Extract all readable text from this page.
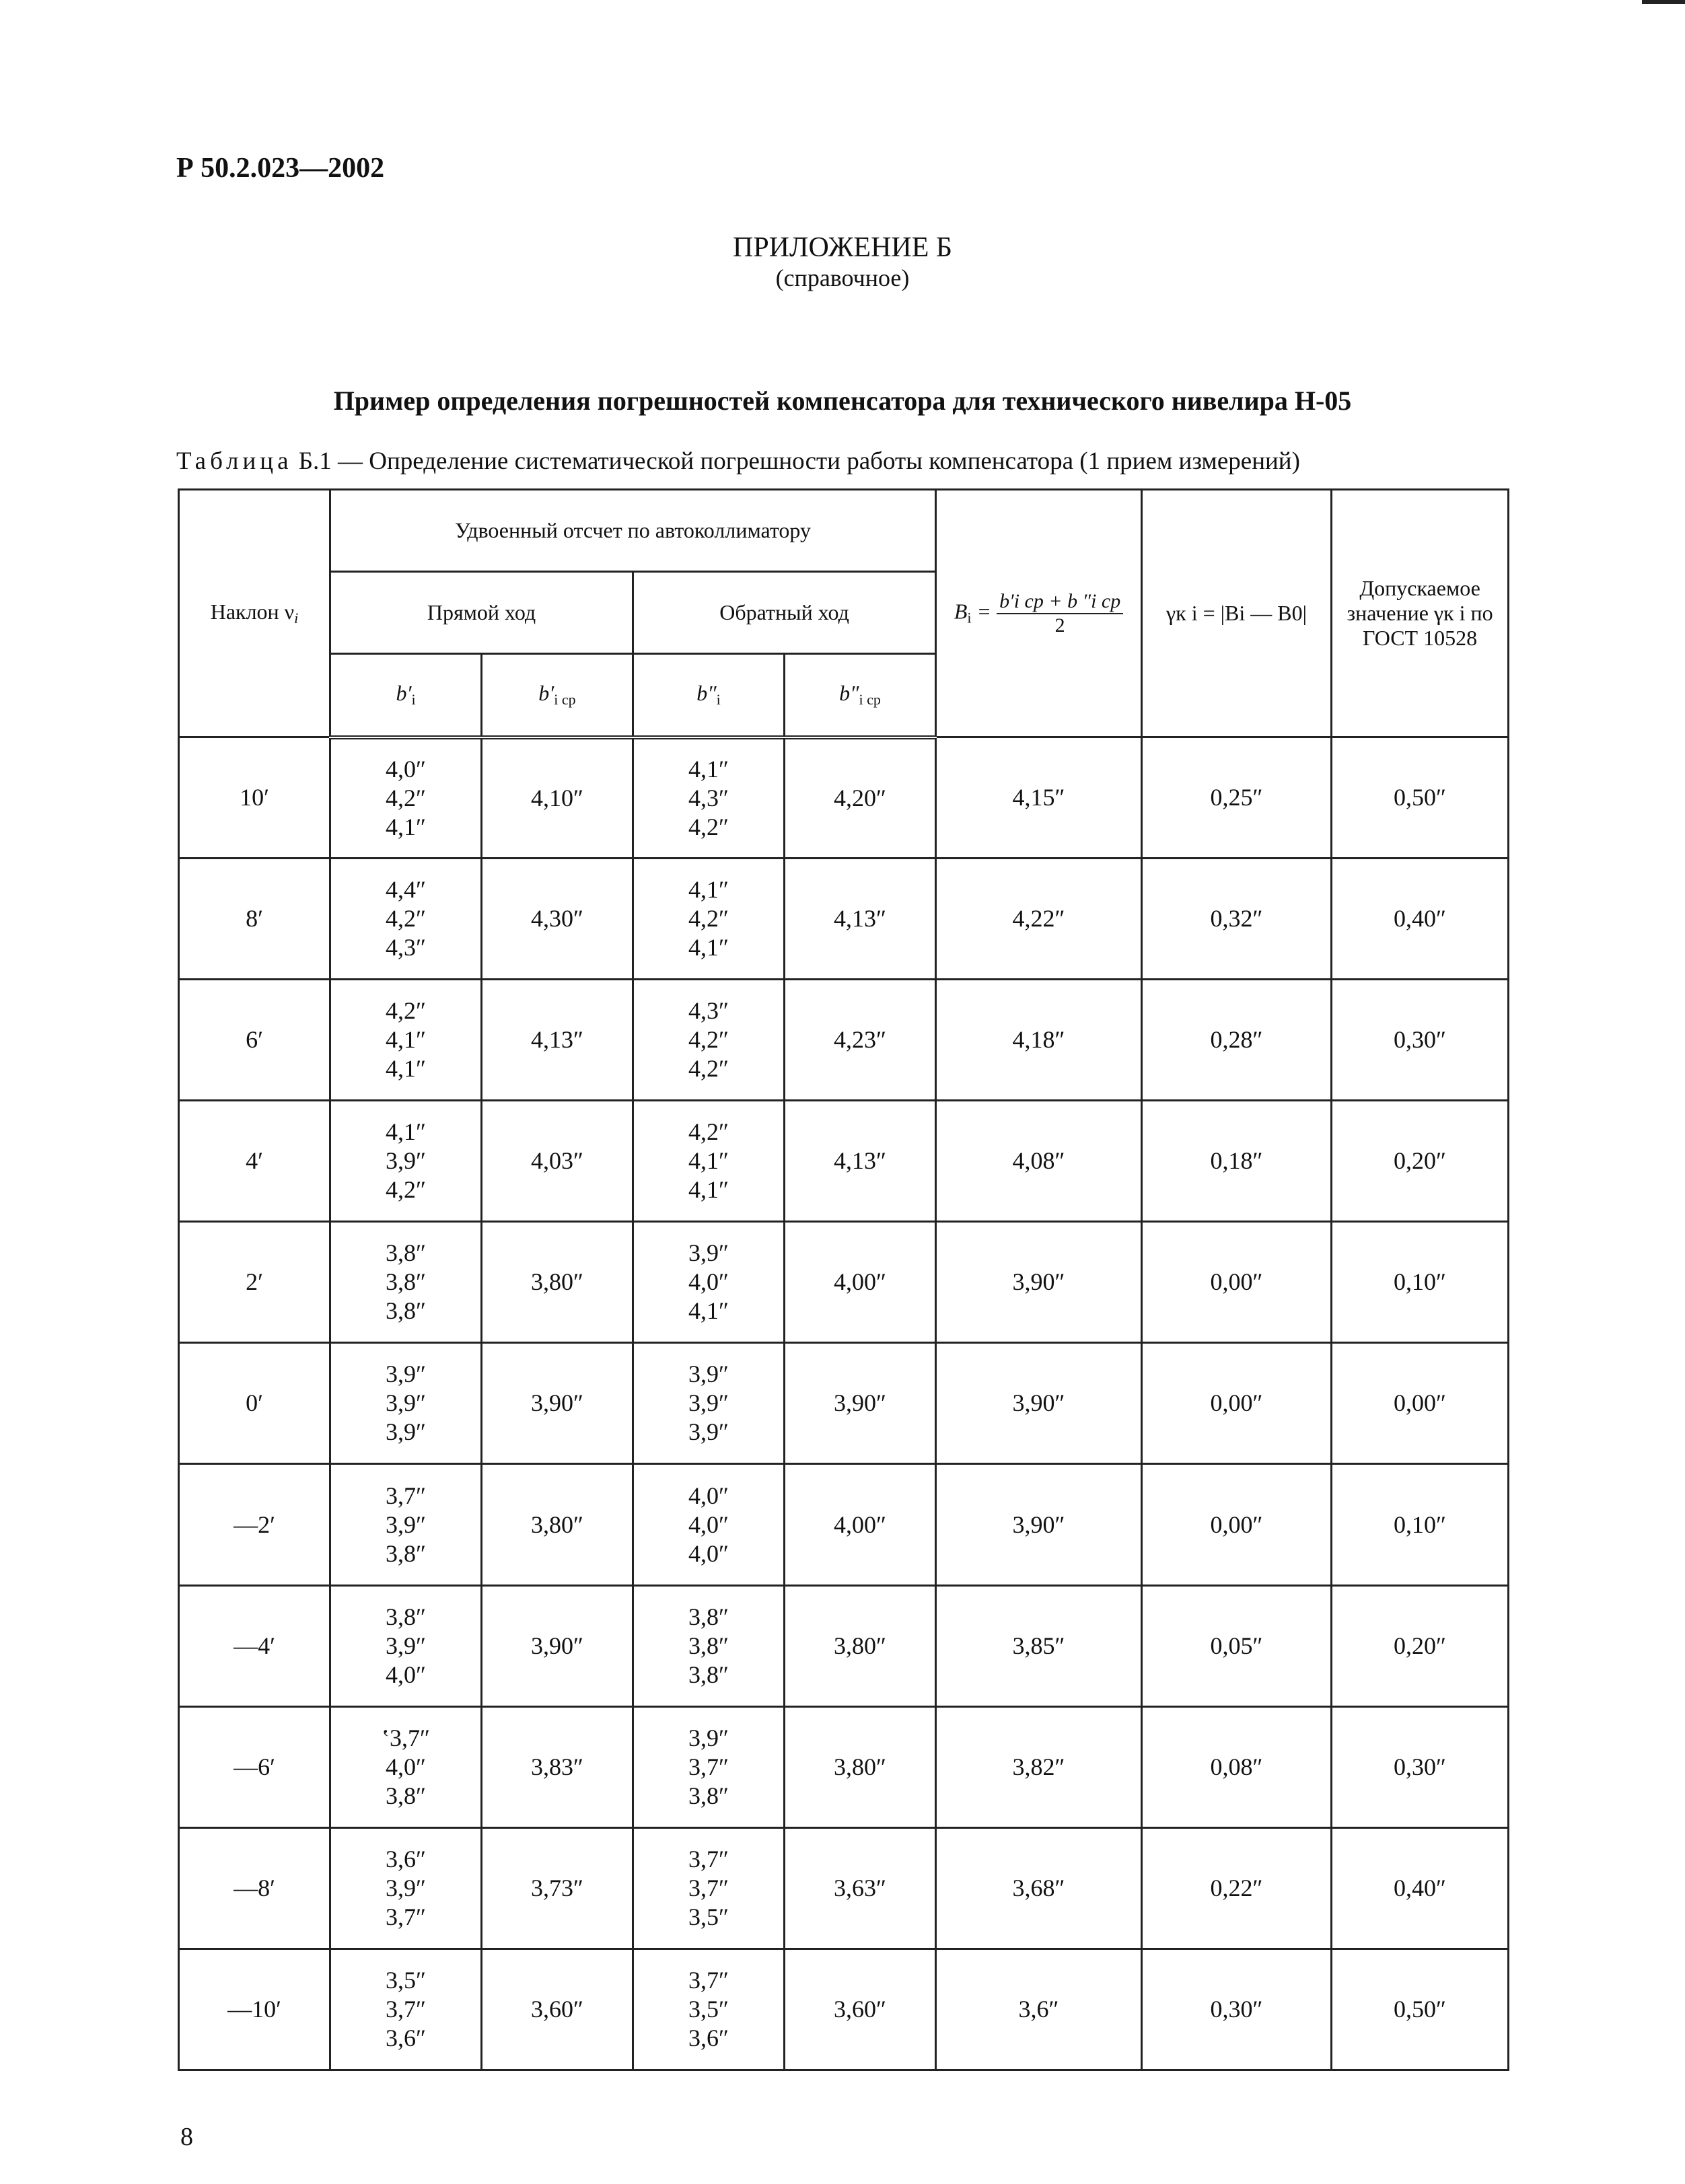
Р 50.2.023—2002
ПРИЛОЖЕНИЕ Б
(справочное)
Пример определения погрешностей компенсатора для технического нивелира Н-05
Таблица Б.1 — Определение систематической погрешности работы компенсатора (1 прием измерений)
Наклон $\nu_i$	Удвоенный отсчет по автоколлиматору				$B_i = \frac{\text{b′i ср + b ″i ср}}{2}$	γк i = |Bi — B0|	Допускаемое значение γк i по ГОСТ 10528
	Прямой ход		Обратный ход				
	$b'_i$	$b'_{i ср}$	$b''_i$	$b''_{i ср}$
10′	4,0″
4,2″
4,1″	4,10″	4,1″
4,3″
4,2″	4,20″	4,15″	0,25″	0,50″
8′	4,4″
4,2″
4,3″	4,30″	4,1″
4,2″
4,1″	4,13″	4,22″	0,32″	0,40″
6′	4,2″
4,1″
4,1″	4,13″	4,3″
4,2″
4,2″	4,23″	4,18″	0,28″	0,30″
4′	4,1″
3,9″
4,2″	4,03″	4,2″
4,1″
4,1″	4,13″	4,08″	0,18″	0,20″
2′	3,8″
3,8″
3,8″	3,80″	3,9″
4,0″
4,1″	4,00″	3,90″	0,00″	0,10″
0′	3,9″
3,9″
3,9″	3,90″	3,9″
3,9″
3,9″	3,90″	3,90″	0,00″	0,00″
—2′	3,7″
3,9″
3,8″	3,80″	4,0″
4,0″
4,0″	4,00″	3,90″	0,00″	0,10″
—4′	3,8″
3,9″
4,0″	3,90″	3,8″
3,8″
3,8″	3,80″	3,85″	0,05″	0,20″
—6′	‛3,7″
4,0″
3,8″	3,83″	3,9″
3,7″
3,8″	3,80″	3,82″	0,08″	0,30″
—8′	3,6″
3,9″
3,7″	3,73″	3,7″
3,7″
3,5″	3,63″	3,68″	0,22″	0,40″
—10′	3,5″
3,7″
3,6″	3,60″	3,7″
3,5″
3,6″	3,60″	3,6″	0,30″	0,50″
8
